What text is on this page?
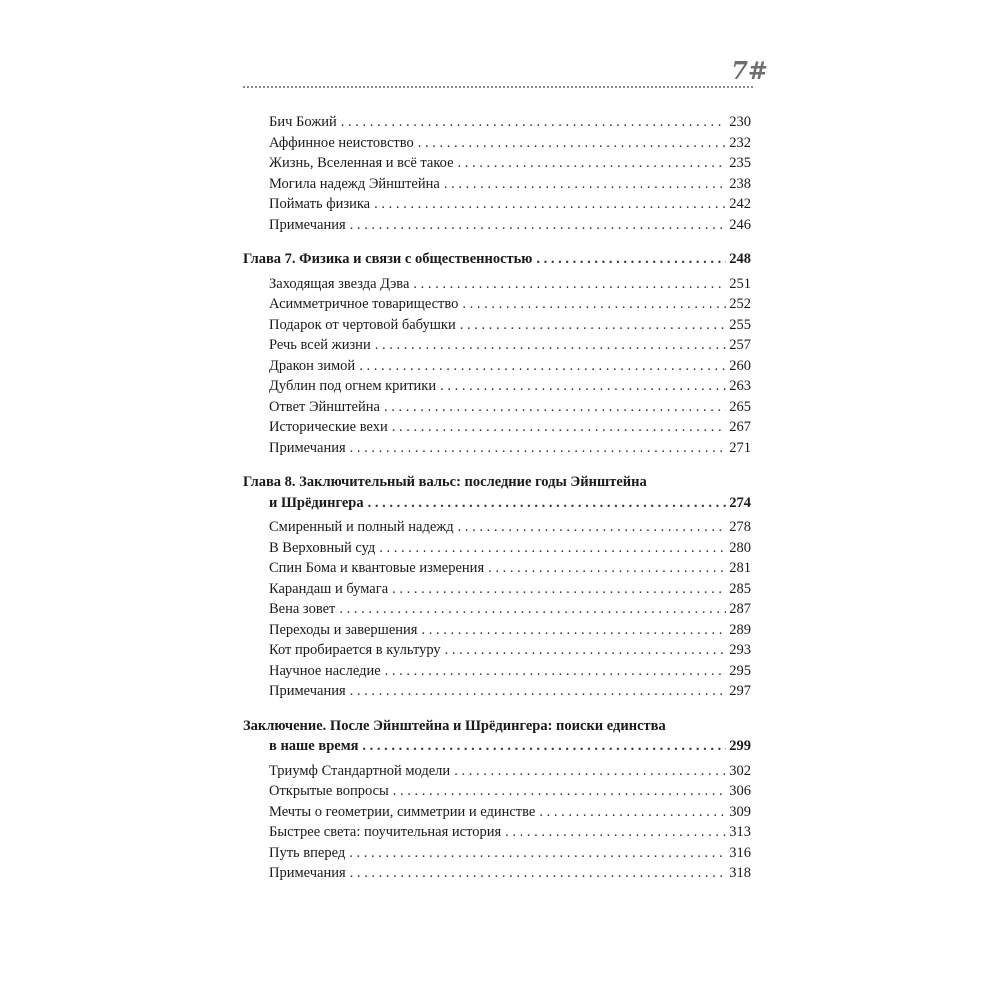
7#
Бич Божий . . .	230
Аффинное неистовство . . .	232
Жизнь, Вселенная и всё такое . . .	235
Могила надежд Эйнштейна . . .	238
Поймать физика . . .	242
Примечания . . .	246
Глава 7. Физика и связи с общественностью . . .	248
Заходящая звезда Дэва . . .	251
Асимметричное товарищество . . .	252
Подарок от чертовой бабушки . . .	255
Речь всей жизни . . .	257
Дракон зимой . . .	260
Дублин под огнем критики . . .	263
Ответ Эйнштейна . . .	265
Исторические вехи . . .	267
Примечания . . .	271
Глава 8. Заключительный вальс: последние годы Эйнштейна
и Шрёдингера . . .	274
Смиренный и полный надежд . . .	278
В Верховный суд . . .	280
Спин Бома и квантовые измерения . . .	281
Карандаш и бумага . . .	285
Вена зовет . . .	287
Переходы и завершения . . .	289
Кот пробирается в культуру . . .	293
Научное наследие . . .	295
Примечания . . .	297
Заключение. После Эйнштейна и Шрёдингера: поиски единства
в наше время . . .	299
Триумф Стандартной модели . . .	302
Открытые вопросы . . .	306
Мечты о геометрии, симметрии и единстве . . .	309
Быстрее света: поучительная история . . .	313
Путь вперед . . .	316
Примечания . . .	318
